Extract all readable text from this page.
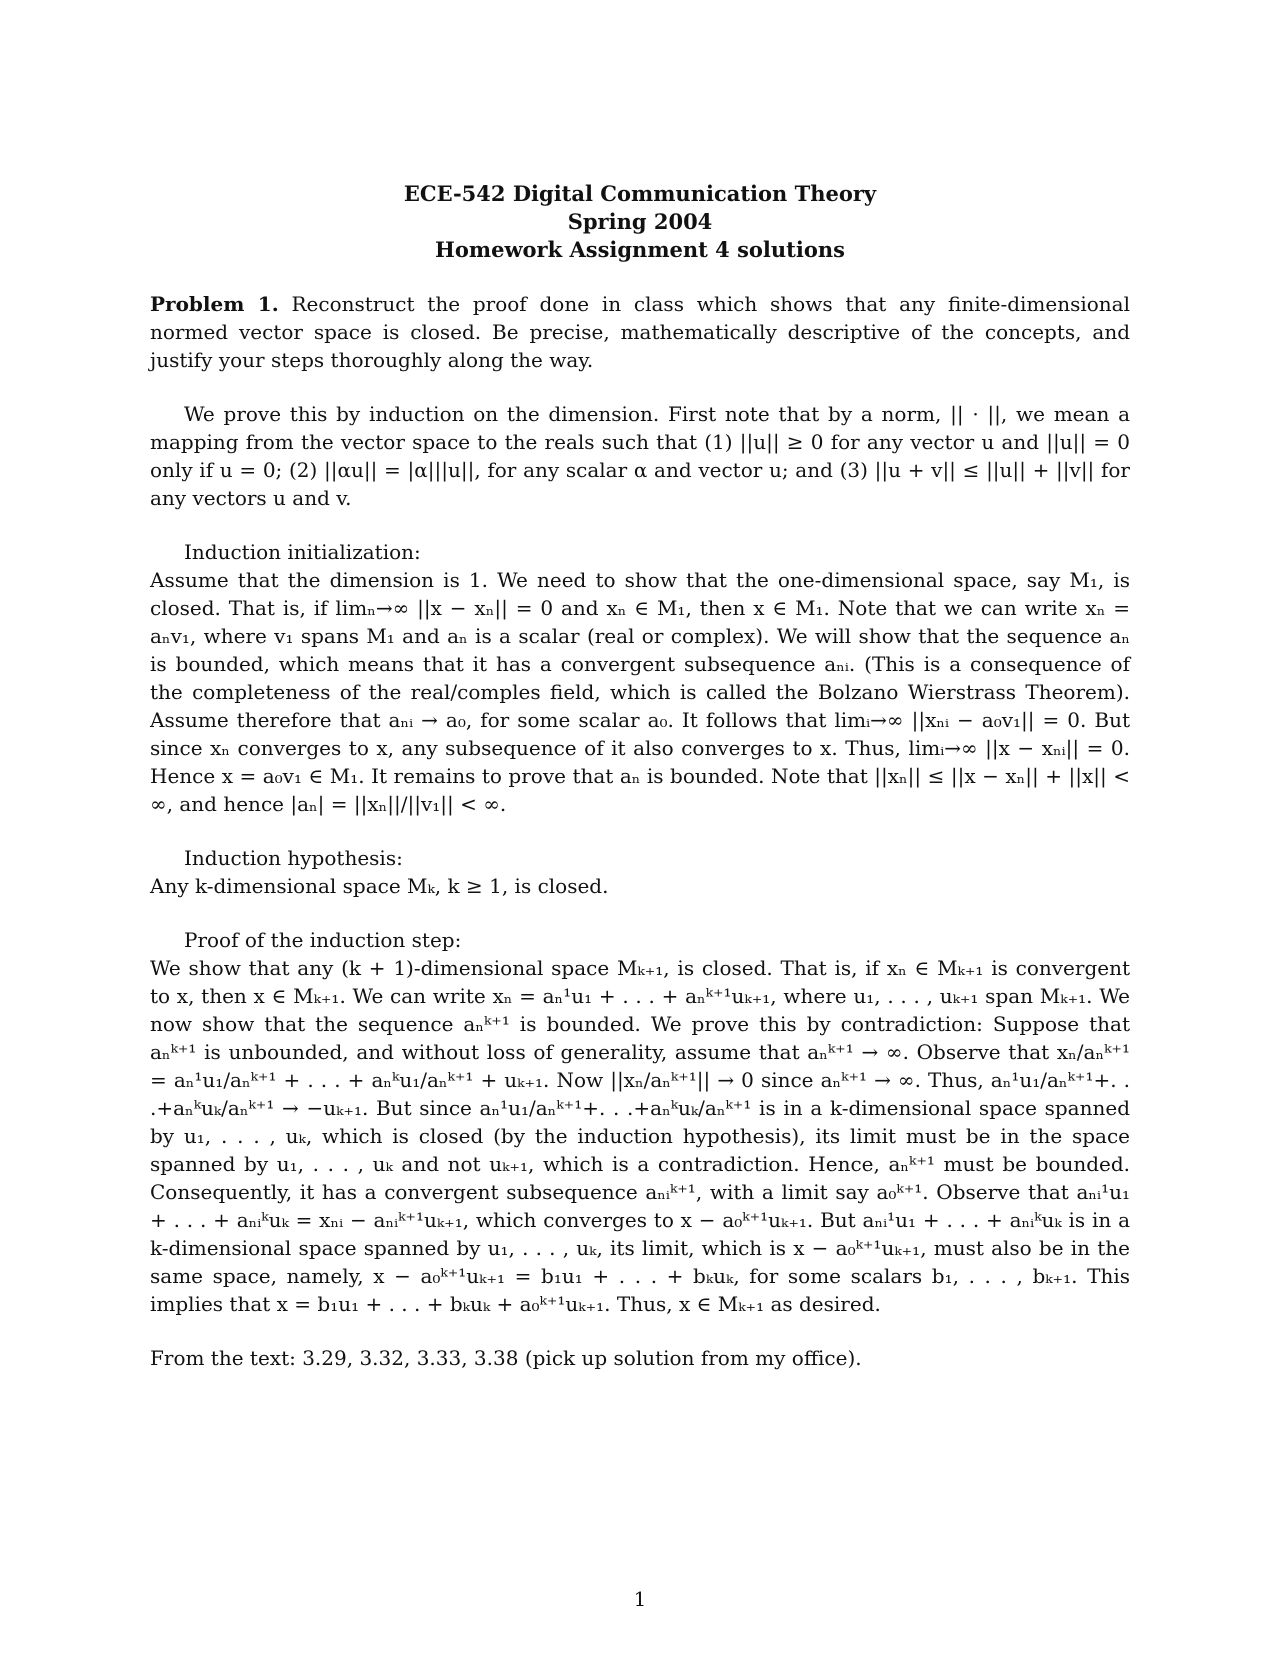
ECE-542 Digital Communication Theory

Spring 2004

Homework Assignment 4 solutions

Problem 1. Reconstruct the proof done in class which shows that any finite-dimensional normed vector space is closed. Be precise, mathematically descriptive of the concepts, and justify your steps thoroughly along the way.

We prove this by induction on the dimension. First note that by a norm, || · ||, we mean a mapping from the vector space to the reals such that (1) ||u|| ≥ 0 for any vector u and ||u|| = 0 only if u = 0; (2) ||αu|| = |α|||u||, for any scalar α and vector u; and (3) ||u + v|| ≤ ||u|| + ||v|| for any vectors u and v.

Induction initialization:

Assume that the dimension is 1. We need to show that the one-dimensional space, say M₁, is closed. That is, if limₙ→∞ ||x − xₙ|| = 0 and xₙ ∈ M₁, then x ∈ M₁. Note that we can write xₙ = aₙv₁, where v₁ spans M₁ and aₙ is a scalar (real or complex). We will show that the sequence aₙ is bounded, which means that it has a convergent subsequence aₙᵢ. (This is a consequence of the completeness of the real/comples field, which is called the Bolzano Wierstrass Theorem). Assume therefore that aₙᵢ → a₀, for some scalar a₀. It follows that limᵢ→∞ ||xₙᵢ − a₀v₁|| = 0. But since xₙ converges to x, any subsequence of it also converges to x. Thus, limᵢ→∞ ||x − xₙᵢ|| = 0. Hence x = a₀v₁ ∈ M₁. It remains to prove that aₙ is bounded. Note that ||xₙ|| ≤ ||x − xₙ|| + ||x|| < ∞, and hence |aₙ| = ||xₙ||/||v₁|| < ∞.

Induction hypothesis:

Any k-dimensional space Mₖ, k ≥ 1, is closed.

Proof of the induction step:

We show that any (k + 1)-dimensional space Mₖ₊₁, is closed. That is, if xₙ ∈ Mₖ₊₁ is convergent to x, then x ∈ Mₖ₊₁. We can write xₙ = aₙ¹u₁ + . . . + aₙᵏ⁺¹uₖ₊₁, where u₁, . . . , uₖ₊₁ span Mₖ₊₁. We now show that the sequence aₙᵏ⁺¹ is bounded. We prove this by contradiction: Suppose that aₙᵏ⁺¹ is unbounded, and without loss of generality, assume that aₙᵏ⁺¹ → ∞. Observe that xₙ/aₙᵏ⁺¹ = aₙ¹u₁/aₙᵏ⁺¹ + . . . + aₙᵏu₁/aₙᵏ⁺¹ + uₖ₊₁. Now ||xₙ/aₙᵏ⁺¹|| → 0 since aₙᵏ⁺¹ → ∞. Thus, aₙ¹u₁/aₙᵏ⁺¹+. . .+aₙᵏuₖ/aₙᵏ⁺¹ → −uₖ₊₁. But since aₙ¹u₁/aₙᵏ⁺¹+. . .+aₙᵏuₖ/aₙᵏ⁺¹ is in a k-dimensional space spanned by u₁, . . . , uₖ, which is closed (by the induction hypothesis), its limit must be in the space spanned by u₁, . . . , uₖ and not uₖ₊₁, which is a contradiction. Hence, aₙᵏ⁺¹ must be bounded. Consequently, it has a convergent subsequence aₙᵢᵏ⁺¹, with a limit say a₀ᵏ⁺¹. Observe that aₙᵢ¹u₁ + . . . + aₙᵢᵏuₖ = xₙᵢ − aₙᵢᵏ⁺¹uₖ₊₁, which converges to x − a₀ᵏ⁺¹uₖ₊₁. But aₙᵢ¹u₁ + . . . + aₙᵢᵏuₖ is in a k-dimensional space spanned by u₁, . . . , uₖ, its limit, which is x − a₀ᵏ⁺¹uₖ₊₁, must also be in the same space, namely, x − a₀ᵏ⁺¹uₖ₊₁ = b₁u₁ + . . . + bₖuₖ, for some scalars b₁, . . . , bₖ₊₁. This implies that x = b₁u₁ + . . . + bₖuₖ + a₀ᵏ⁺¹uₖ₊₁. Thus, x ∈ Mₖ₊₁ as desired.

From the text: 3.29, 3.32, 3.33, 3.38 (pick up solution from my office).

1
